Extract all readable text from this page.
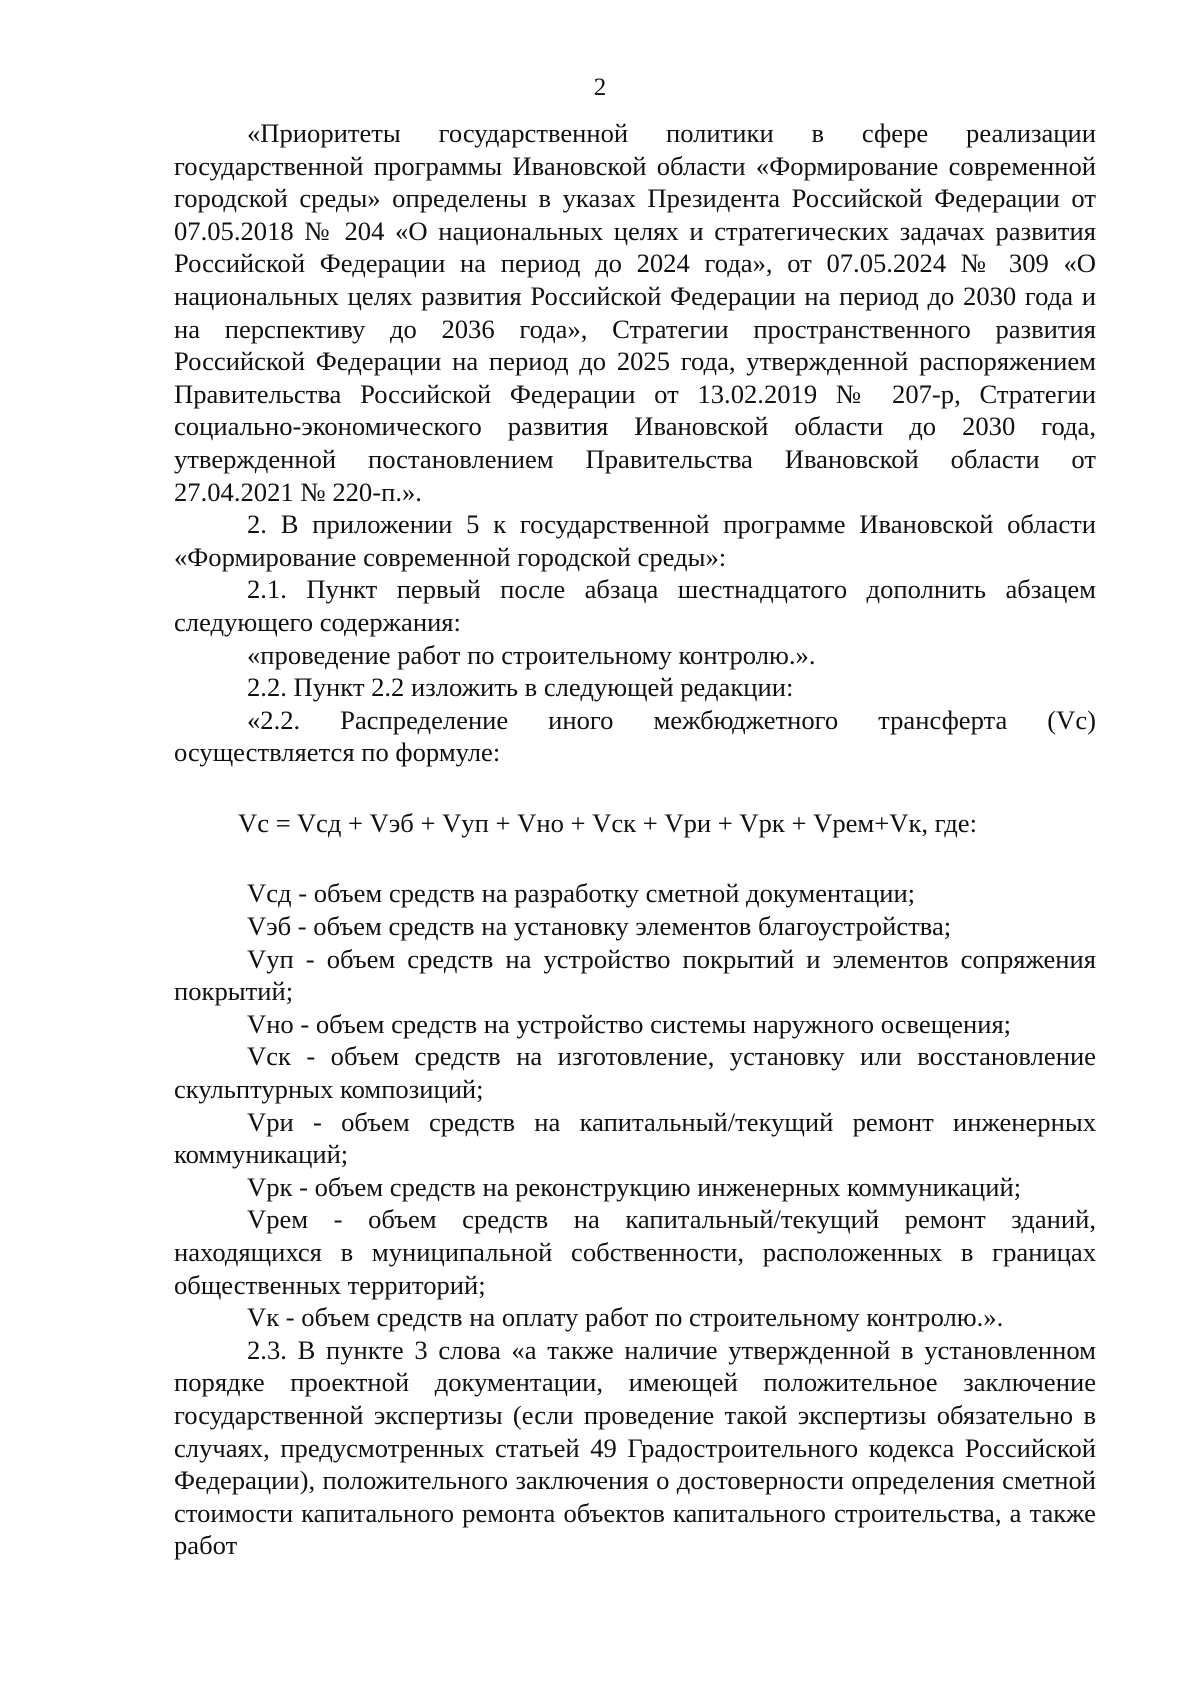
2

«Приоритеты государственной политики в сфере реализации государственной программы Ивановской области «Формирование современной городской среды» определены в указах Президента Российской Федерации от 07.05.2018 № 204 «О национальных целях и стратегических задачах развития Российской Федерации на период до 2024 года», от 07.05.2024 № 309 «О национальных целях развития Российской Федерации на период до 2030 года и на перспективу до 2036 года», Стратегии пространственного развития Российской Федерации на период до 2025 года, утвержденной распоряжением Правительства Российской Федерации от 13.02.2019 № 207-р, Стратегии социально-экономического развития Ивановской области до 2030 года, утвержденной постановлением Правительства Ивановской области от 27.04.2021 № 220-п.».

2. В приложении 5 к государственной программе Ивановской области «Формирование современной городской среды»:

2.1. Пункт первый после абзаца шестнадцатого дополнить абзацем следующего содержания:

«проведение работ по строительному контролю.».

2.2. Пункт 2.2 изложить в следующей редакции:

«2.2. Распределение иного межбюджетного трансферта (Vc) осуществляется по формуле:

Vc = Vсд + Vэб + Vуп + Vно + Vск + Vри + Vрк + Vрем+Vк, где:

Vсд - объем средств на разработку сметной документации;

Vэб - объем средств на установку элементов благоустройства;

Vуп - объем средств на устройство покрытий и элементов сопряжения покрытий;

Vно - объем средств на устройство системы наружного освещения;

Vск - объем средств на изготовление, установку или восстановление скульптурных композиций;

Vри - объем средств на капитальный/текущий ремонт инженерных коммуникаций;

Vрк - объем средств на реконструкцию инженерных коммуникаций;

Vрем - объем средств на капитальный/текущий ремонт зданий, находящихся в муниципальной собственности, расположенных в границах общественных территорий;

Vк - объем средств на оплату работ по строительному контролю.».

2.3. В пункте 3 слова «а также наличие утвержденной в установленном порядке проектной документации, имеющей положительное заключение государственной экспертизы (если проведение такой экспертизы обязательно в случаях, предусмотренных статьей 49 Градостроительного кодекса Российской Федерации), положительного заключения о достоверности определения сметной стоимости капитального ремонта объектов капитального строительства, а также работ
